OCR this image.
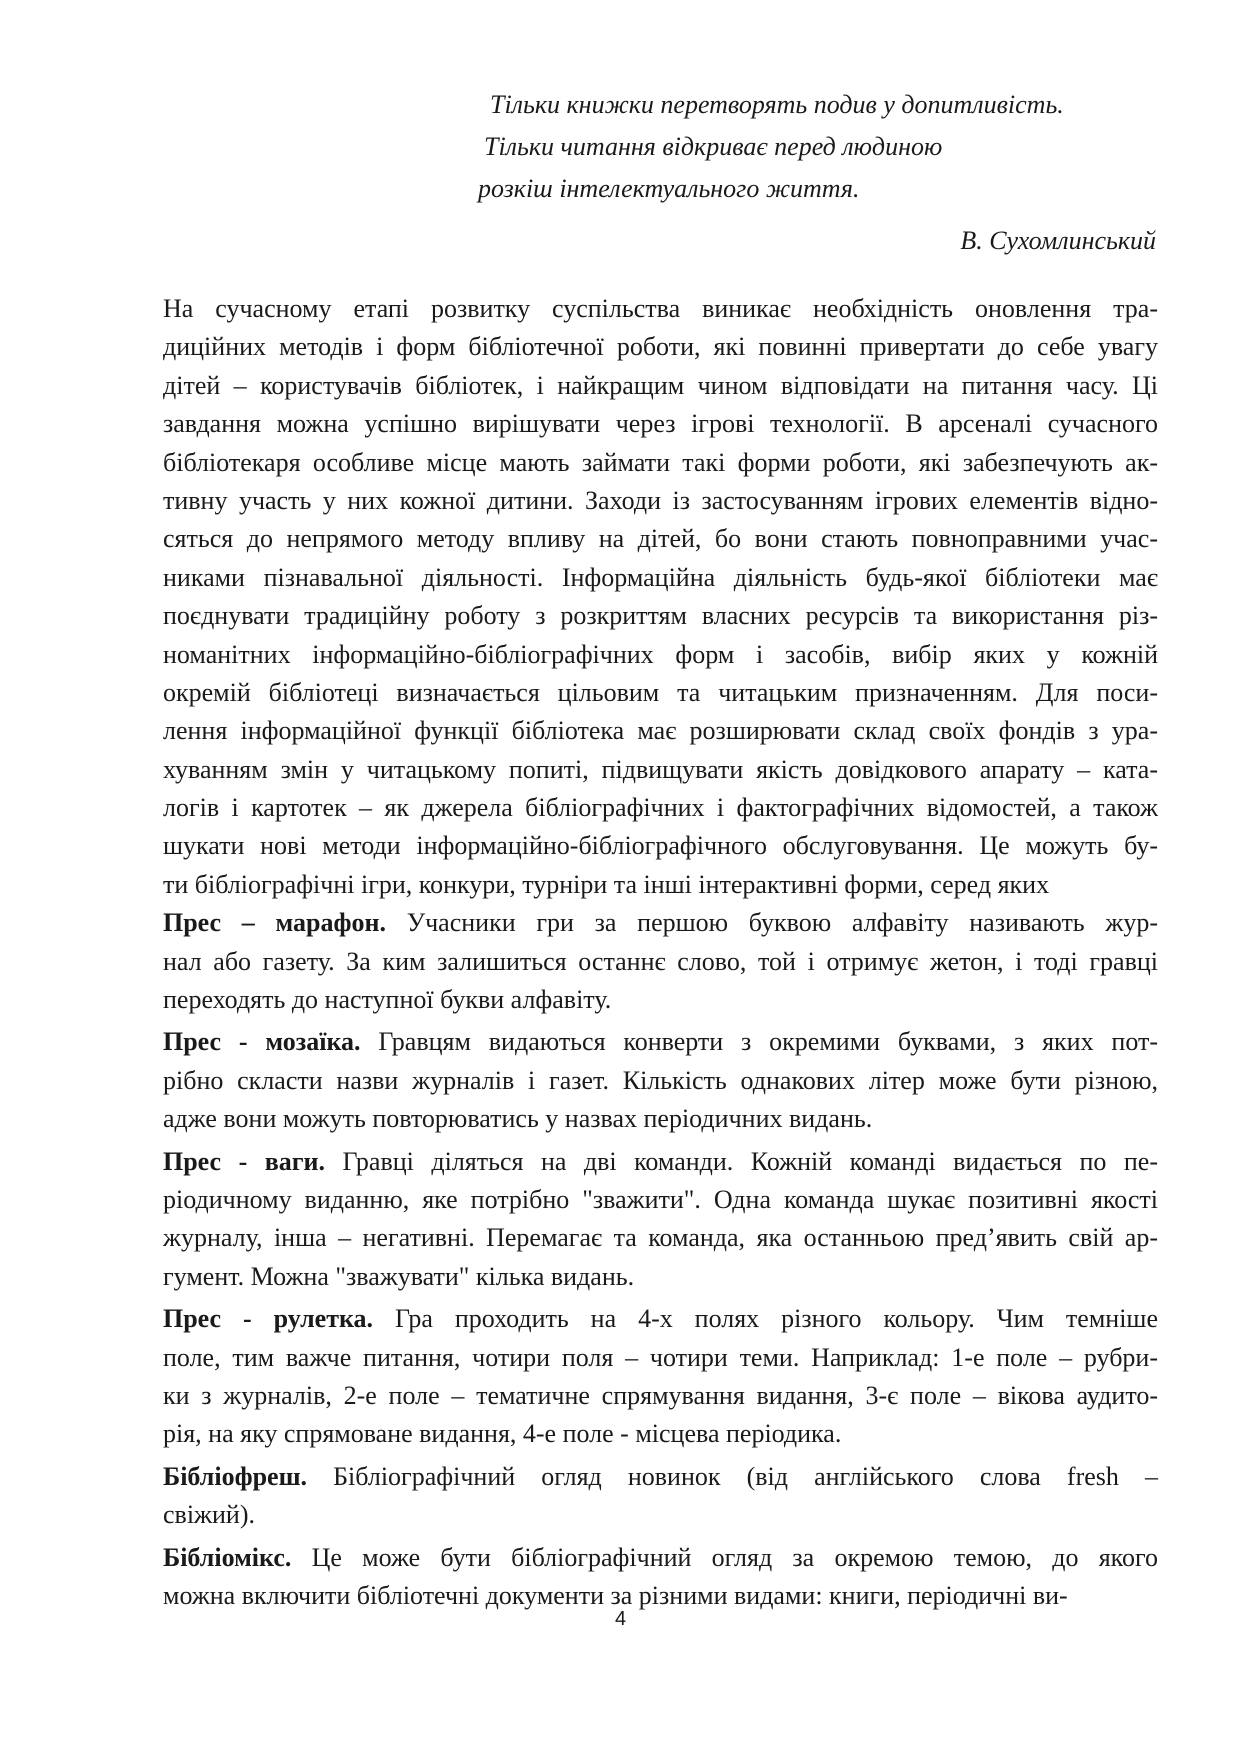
Тільки книжки перетворять подив у допитливість.
Тільки читання відкриває перед людиною
розкіш інтелектуального життя.
В. Сухомлинський
На сучасному етапі розвитку суспільства виникає необхідність оновлення тра-
диційних методів і форм бібліотечної роботи, які повинні привертати до себе увагу
дітей – користувачів бібліотек, і найкращим чином відповідати на питання часу. Ці
завдання можна успішно вирішувати через ігрові технології. В арсеналі сучасного
бібліотекаря особливе місце мають займати такі форми роботи, які забезпечують ак-
тивну участь у них кожної дитини. Заходи із застосуванням ігрових елементів відно-
сяться до непрямого методу впливу на дітей, бо вони стають повноправними учас-
никами пізнавальної діяльності. Інформаційна діяльність будь-якої бібліотеки має
поєднувати традиційну роботу з розкриттям власних ресурсів та використання різ-
номанітних інформаційно-бібліографічних форм і засобів, вибір яких у кожній
окремій бібліотеці визначається цільовим та читацьким призначенням. Для поси-
лення інформаційної функції бібліотека має розширювати склад своїх фондів з ура-
хуванням змін у читацькому попиті, підвищувати якість довідкового апарату – ката-
логів і картотек – як джерела бібліографічних і фактографічних відомостей, а також
шукати нові методи інформаційно-бібліографічного обслуговування. Це можуть бу-
ти бібліографічні ігри, конкури, турніри та інші інтерактивні форми, серед яких
Прес – марафон. Учасники гри за першою буквою алфавіту називають жур-
нал або газету. За ким залишиться останнє слово, той і отримує жетон, і тоді гравці
переходять до наступної букви алфавіту.
Прес - мозаїка. Гравцям видаються конверти з окремими буквами, з яких пот-
рібно скласти назви журналів і газет. Кількість однакових літер може бути різною,
адже вони можуть повторюватись у назвах періодичних видань.
Прес - ваги. Гравці діляться на дві команди. Кожній команді видається по пе-
ріодичному виданню, яке потрібно "зважити". Одна команда шукає позитивні якості
журналу, інша – негативні. Перемагає та команда, яка останньою пред’явить свій ар-
гумент. Можна "зважувати" кілька видань.
Прес - рулетка. Гра проходить на 4-х полях різного кольору. Чим темніше
поле, тим важче питання, чотири поля – чотири теми. Наприклад: 1-е поле – рубри-
ки з журналів, 2-е поле – тематичне спрямування видання, 3-є поле – вікова аудито-
рія, на яку спрямоване видання, 4-е поле - місцева періодика.
Бібліофреш. Бібліографічний огляд новинок (від англійського слова fresh –
свіжий).
Бібліомікс. Це може бути бібліографічний огляд за окремою темою, до якого
можна включити бібліотечні документи за різними видами: книги, періодичні ви-
4
